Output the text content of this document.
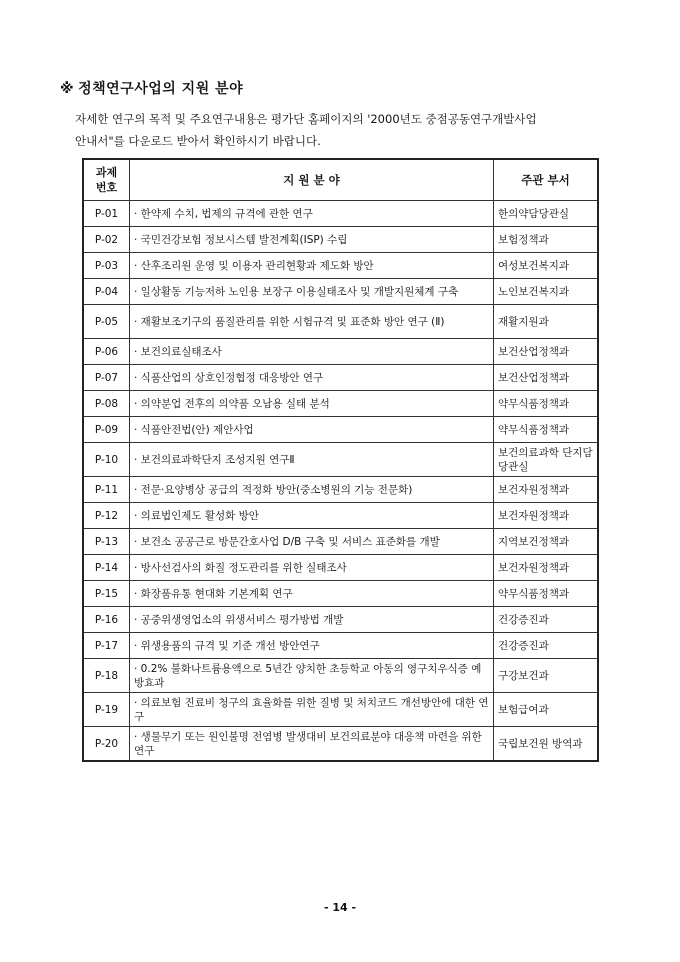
※ 정책연구사업의 지원 분야

자세한 연구의 목적 및 주요연구내용은 평가단 홈페이지의 '2000년도 중점공동연구개발사업

안내서"를 다운로드 받아서 확인하시기 바랍니다.

과제
번호	지 원 분 야	주관 부서
P-01	· 한약제 수치, 법제의 규격에 관한 연구	한의약담당관실
P-02	· 국민건강보험 정보시스템 발전계획(ISP) 수립	보험정책과
P-03	· 산후조리원 운영 및 이용자 관리현황과 제도화 방안	여성보건복지과
P-04	· 일상활동 기능저하 노인용 보장구 이용실태조사 및 개발지원체계 구축	노인보건복지과
P-05	· 재활보조기구의 품질관리를 위한 시험규격 및 표준화 방안 연구 (Ⅱ)	재활지원과
P-06	· 보건의료실태조사	보건산업정책과
P-07	· 식품산업의 상호인정협정 대응방안 연구	보건산업정책과
P-08	· 의약분업 전후의 의약품 오남용 실태 분석	약무식품정책과
P-09	· 식품안전법(안) 제안사업	약무식품정책과
P-10	· 보건의료과학단지 조성지원 연구Ⅱ	보건의료과학 단지담당관실
P-11	· 전문·요양병상 공급의 적정화 방안(중소병원의 기능 전문화)	보건자원정책과
P-12	· 의료법인제도 활성화 방안	보건자원정책과
P-13	· 보건소 공공근로 방문간호사업 D/B 구축 및 서비스 표준화를 개발	지역보건정책과
P-14	· 방사선검사의 화질 정도관리를 위한 실태조사	보건자원정책과
P-15	· 화장품유통 현대화 기본계획 연구	약무식품정책과
P-16	· 공중위생영업소의 위생서비스 평가방법 개발	건강증진과
P-17	· 위생용품의 규격 및 기준 개선 방안연구	건강증진과
P-18	· 0.2% 불화나트륨용액으로 5년간 양치한 초등학교 아동의 영구치우식증 예방효과	구강보건과
P-19	· 의료보험 진료비 청구의 효율화를 위한 질병 및 처치코드 개선방안에 대한 연구	보험급여과
P-20	· 생물무기 또는 원인불명 전염병 발생대비 보건의료분야 대응책 마련을 위한 연구	국립보건원 방역과
- 14 -
